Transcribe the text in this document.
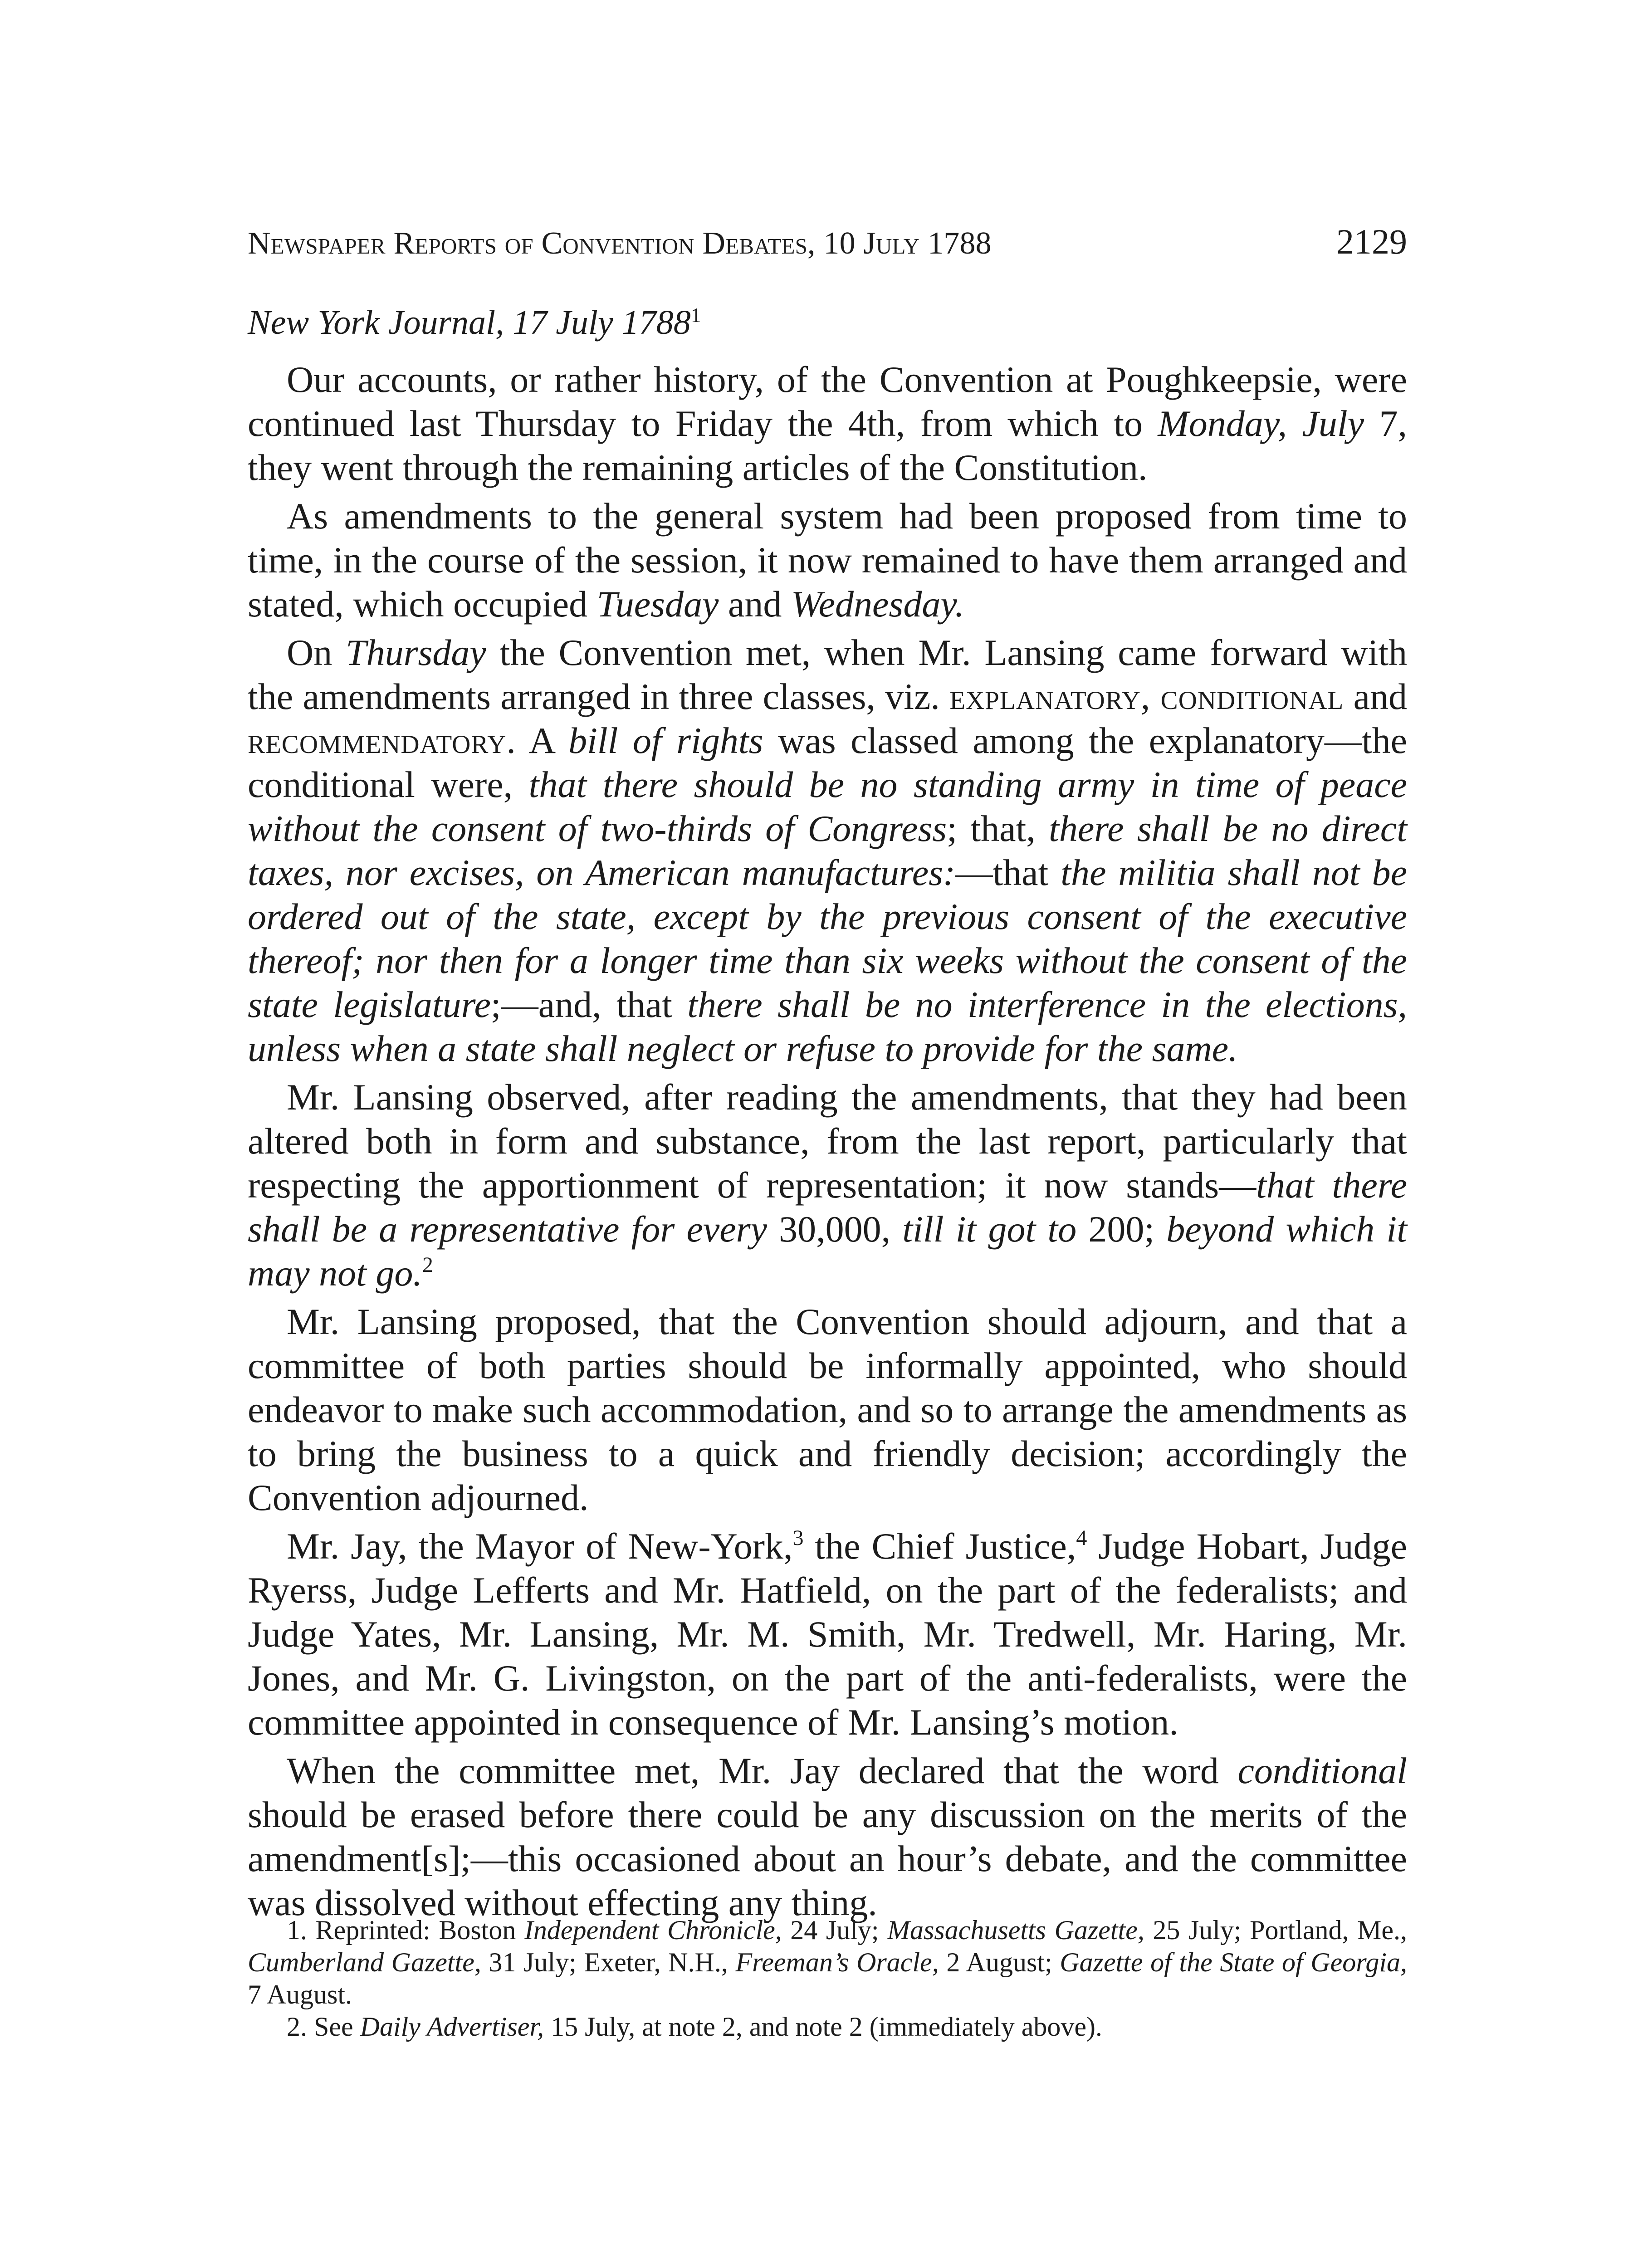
Newspaper Reports of Convention Debates, 10 July 1788	2129
New York Journal, 17 July 1788$^1$

Our accounts, or rather history, of the Convention at Poughkeepsie, were continued last Thursday to Friday the 4th, from which to Monday, July 7, they went through the remaining articles of the Constitution.

As amendments to the general system had been proposed from time to time, in the course of the session, it now remained to have them arranged and stated, which occupied Tuesday and Wednesday.

On Thursday the Convention met, when Mr. Lansing came forward with the amendments arranged in three classes, viz. explanatory, conditional and recommendatory. A bill of rights was classed among the explanatory—the conditional were, that there should be no standing army in time of peace without the consent of two-thirds of Congress; that, there shall be no direct taxes, nor excises, on American manufactures:—that the militia shall not be ordered out of the state, except by the previous consent of the executive thereof; nor then for a longer time than six weeks without the consent of the state legislature;—and, that there shall be no interference in the elections, unless when a state shall neglect or refuse to provide for the same.

Mr. Lansing observed, after reading the amendments, that they had been altered both in form and substance, from the last report, particularly that respecting the apportionment of representation; it now stands—that there shall be a representative for every 30,000, till it got to 200; beyond which it may not go.$^2$

Mr. Lansing proposed, that the Convention should adjourn, and that a committee of both parties should be informally appointed, who should endeavor to make such accommodation, and so to arrange the amendments as to bring the business to a quick and friendly decision; accordingly the Convention adjourned.

Mr. Jay, the Mayor of New-York,$^3$ the Chief Justice,$^4$ Judge Hobart, Judge Ryerss, Judge Lefferts and Mr. Hatfield, on the part of the federalists; and Judge Yates, Mr. Lansing, Mr. M. Smith, Mr. Tredwell, Mr. Haring, Mr. Jones, and Mr. G. Livingston, on the part of the anti-federalists, were the committee appointed in consequence of Mr. Lansing’s motion.

When the committee met, Mr. Jay declared that the word conditional should be erased before there could be any discussion on the merits of the amendment[s];—this occasioned about an hour’s debate, and the committee was dissolved without effecting any thing.

1. Reprinted: Boston Independent Chronicle, 24 July; Massachusetts Gazette, 25 July; Portland, Me., Cumberland Gazette, 31 July; Exeter, N.H., Freeman’s Oracle, 2 August; Gazette of the State of Georgia, 7 August.

2. See Daily Advertiser, 15 July, at note 2, and note 2 (immediately above).
